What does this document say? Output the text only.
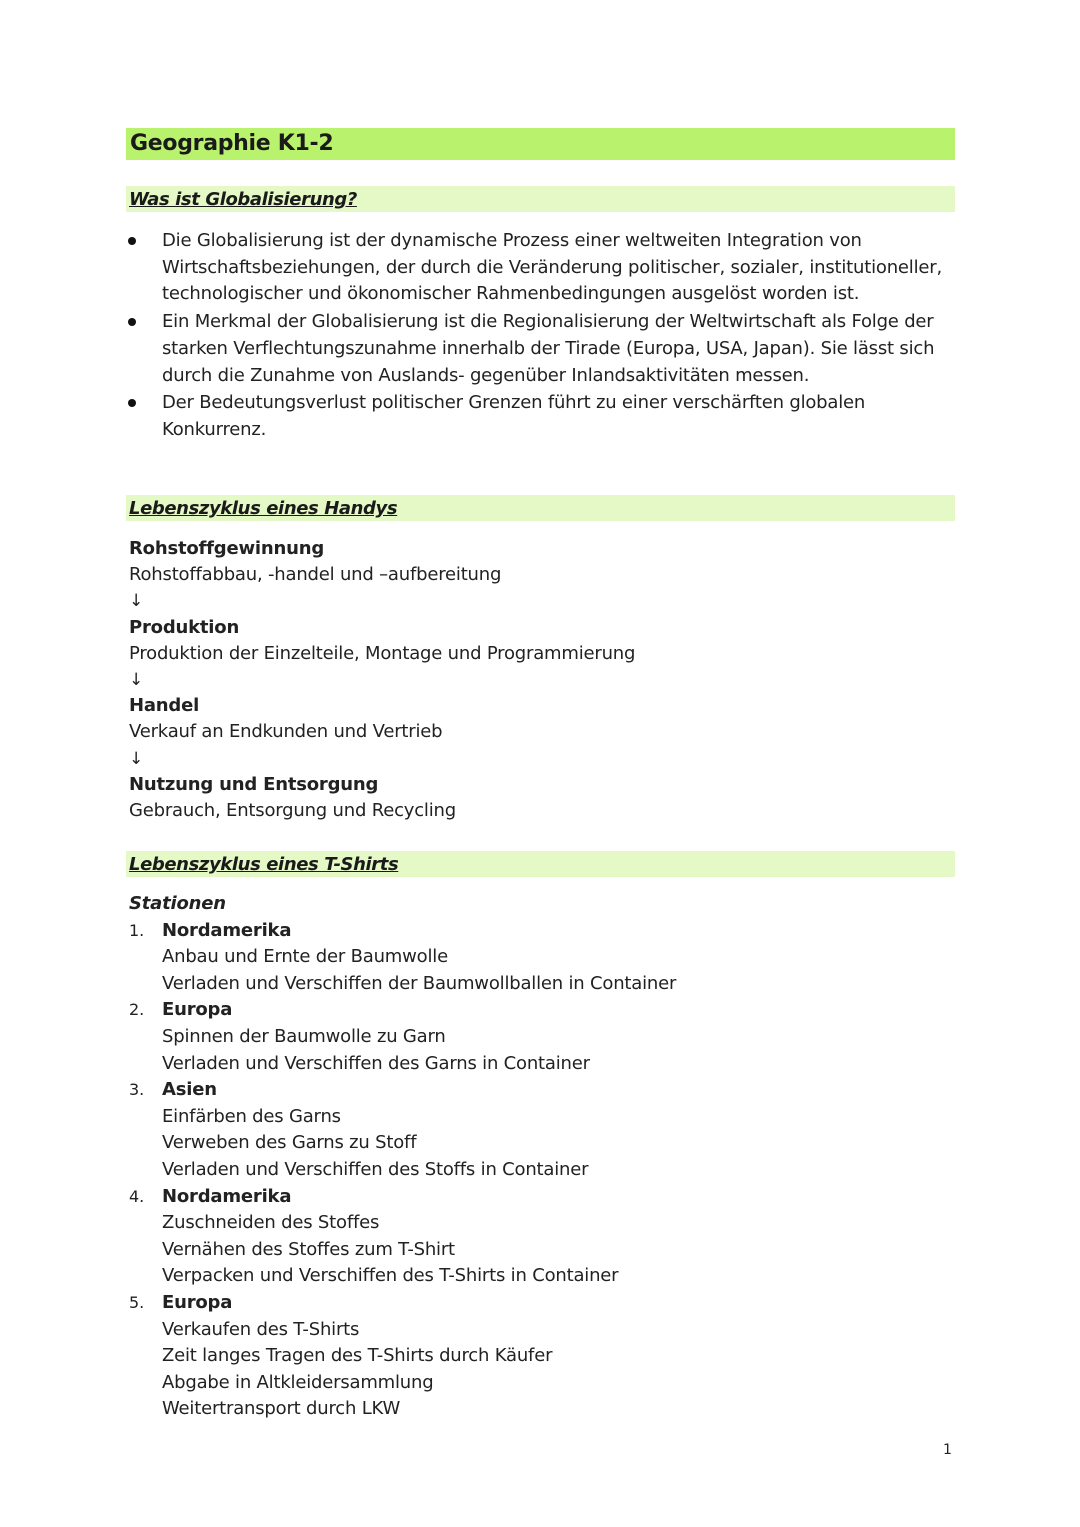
Geographie K1-2
Was ist Globalisierung?
Die Globalisierung ist der dynamische Prozess einer weltweiten Integration von Wirtschaftsbeziehungen, der durch die Veränderung politischer, sozialer, institutioneller, technologischer und ökonomischer Rahmenbedingungen ausgelöst worden ist.
Ein Merkmal der Globalisierung ist die Regionalisierung der Weltwirtschaft als Folge der starken Verflechtungszunahme innerhalb der Tirade (Europa, USA, Japan). Sie lässt sich durch die Zunahme von Auslands- gegenüber Inlandsaktivitäten messen.
Der Bedeutungsverlust politischer Grenzen führt zu einer verschärften globalen Konkurrenz.
Lebenszyklus eines Handys
Rohstoffgewinnung
Rohstoffabbau, -handel und –aufbereitung
↓
Produktion
Produktion der Einzelteile, Montage und Programmierung
↓
Handel
Verkauf an Endkunden und Vertrieb
↓
Nutzung und Entsorgung
Gebrauch, Entsorgung und Recycling
Lebenszyklus eines T-Shirts
Stationen
1. Nordamerika
Anbau und Ernte der Baumwolle
Verladen und Verschiffen der Baumwollballen in Container
2. Europa
Spinnen der Baumwolle zu Garn
Verladen und Verschiffen des Garns in Container
3. Asien
Einfärben des Garns
Verweben des Garns zu Stoff
Verladen und Verschiffen des Stoffs in Container
4. Nordamerika
Zuschneiden des Stoffes
Vernähen des Stoffes zum T-Shirt
Verpacken und Verschiffen des T-Shirts in Container
5. Europa
Verkaufen des T-Shirts
Zeit langes Tragen des T-Shirts durch Käufer
Abgabe in Altkleidersammlung
Weitertransport durch LKW
1
